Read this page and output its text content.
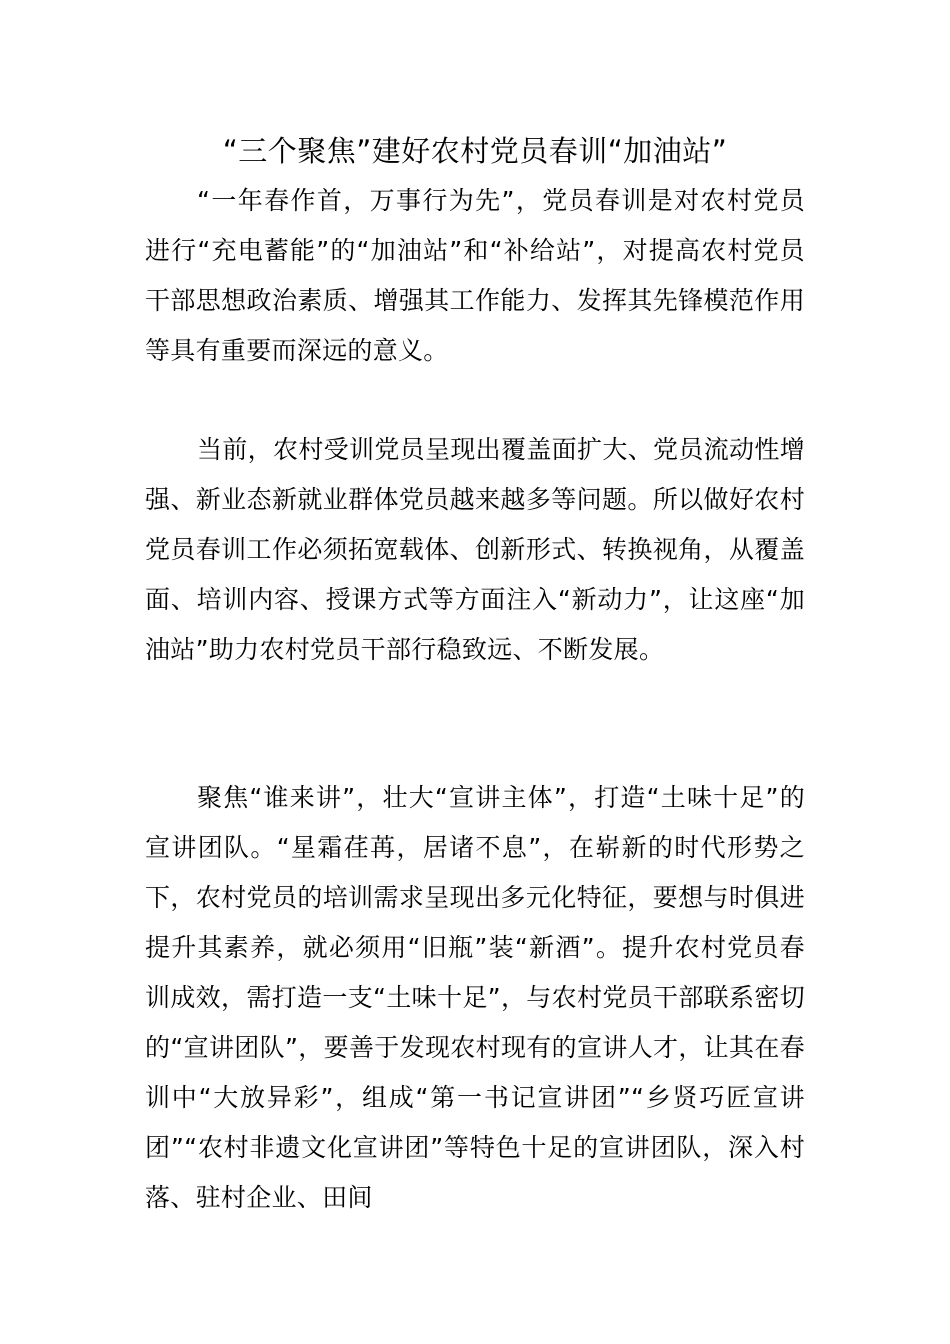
“三个聚焦”建好农村党员春训“加油站”

“一年春作首，万事行为先”，党员春训是对农村党员进行“充电蓄能”的“加油站”和“补给站”，对提高农村党员干部思想政治素质、增强其工作能力、发挥其先锋模范作用等具有重要而深远的意义。

当前，农村受训党员呈现出覆盖面扩大、党员流动性增强、新业态新就业群体党员越来越多等问题。所以做好农村党员春训工作必须拓宽载体、创新形式、转换视角，从覆盖面、培训内容、授课方式等方面注入“新动力”，让这座“加油站”助力农村党员干部行稳致远、不断发展。

聚焦“谁来讲”，壮大“宣讲主体”，打造“土味十足”的宣讲团队。“星霜荏苒，居诸不息”，在崭新的时代形势之下，农村党员的培训需求呈现出多元化特征，要想与时俱进提升其素养，就必须用“旧瓶”装“新酒”。提升农村党员春训成效，需打造一支“土味十足”，与农村党员干部联系密切的“宣讲团队”，要善于发现农村现有的宣讲人才，让其在春训中“大放异彩”，组成“第一书记宣讲团”“乡贤巧匠宣讲团”“农村非遗文化宣讲团”等特色十足的宣讲团队，深入村落、驻村企业、田间
